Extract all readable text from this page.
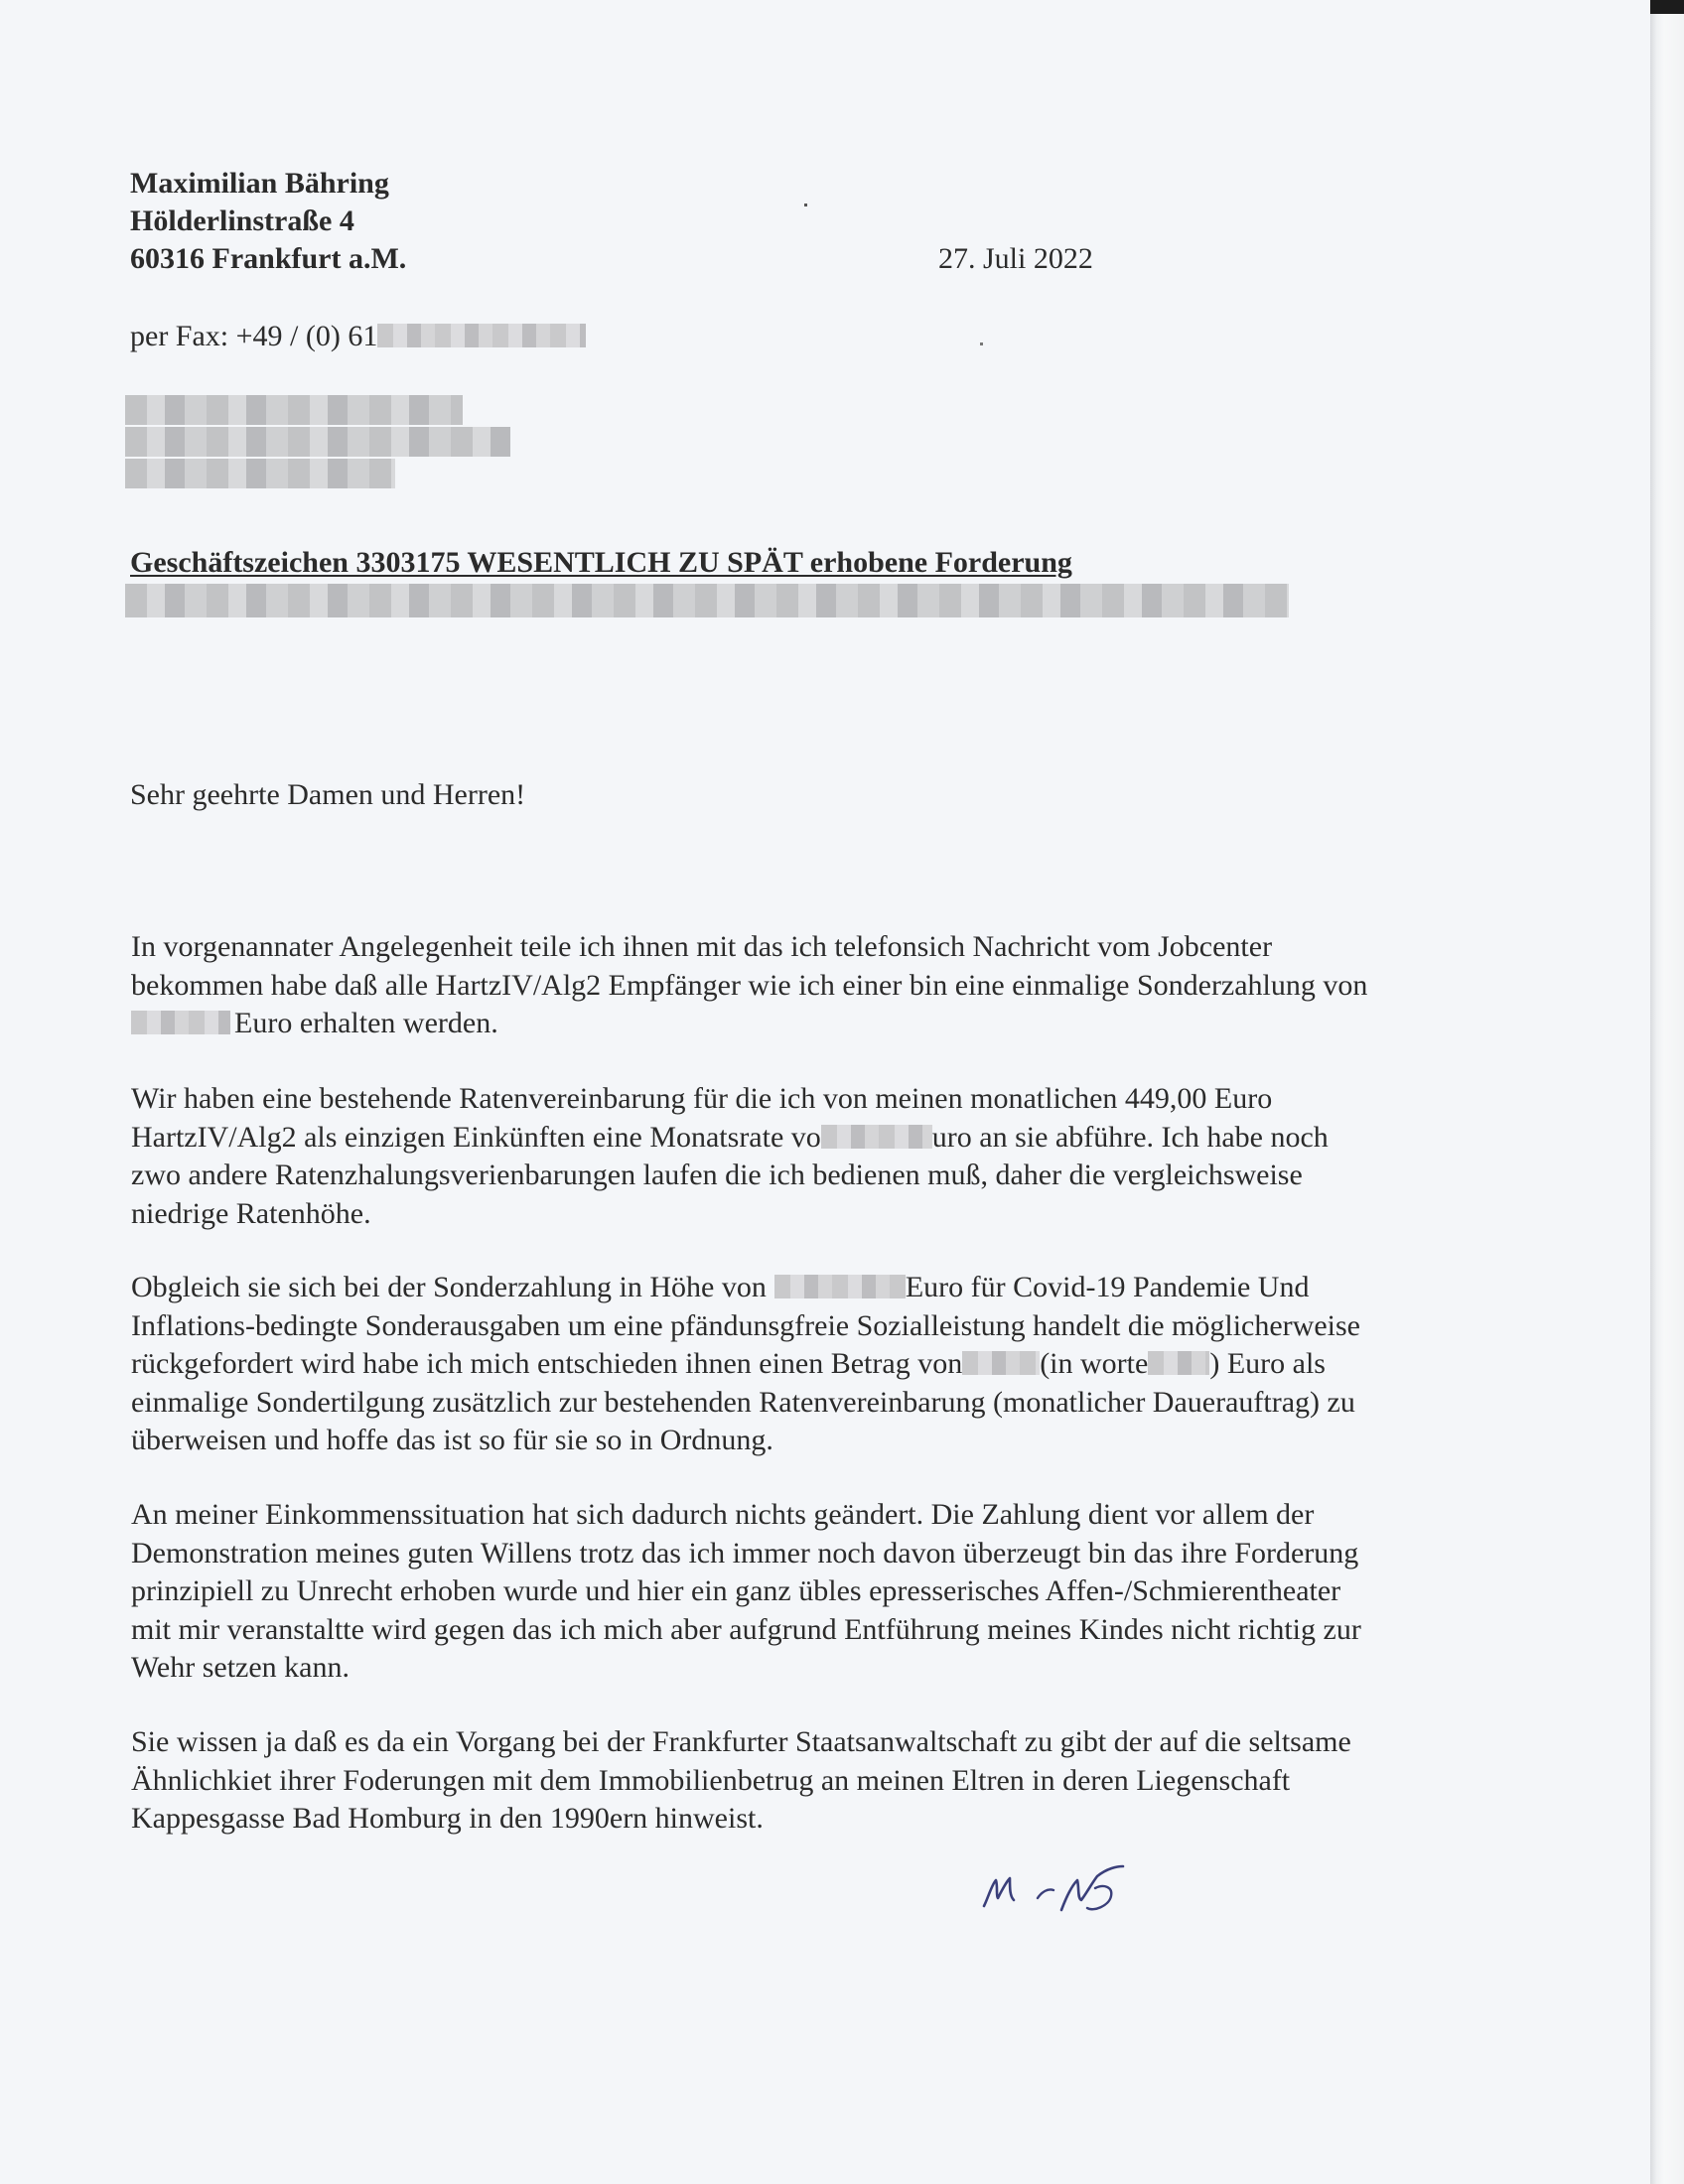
Maximilian Bähring
Hölderlinstraße 4
60316 Frankfurt a.M.	27. Juli 2022
per Fax: +49 / (0) 61
Geschäftszeichen 3303175 WESENTLICH ZU SPÄT erhobene Forderung
Sehr geehrte Damen und Herren!
In vorgenannater Angelegenheit teile ich ihnen mit das ich telefonsich Nachricht vom Jobcenter
bekommen habe daß alle HartzIV/Alg2 Empfänger wie ich einer bin eine einmalige Sonderzahlung von
Euro erhalten werden.
Wir haben eine bestehende Ratenvereinbarung für die ich von meinen monatlichen 449,00 Euro
HartzIV/Alg2 als einzigen Einkünften eine Monatsrate vo	uro an sie abführe. Ich habe noch
zwo andere Ratenzhalungsverienbarungen laufen die ich bedienen muß, daher die vergleichsweise
niedrige Ratenhöhe.
Obgleich sie sich bei der Sonderzahlung in Höhe von	Euro für Covid-19 Pandemie Und
Inflations-bedingte Sonderausgaben um eine pfändunsgfreie Sozialleistung handelt die möglicherweise
rückgefordert wird habe ich mich entschieden ihnen einen Betrag von	(in worte ) Euro als
einmalige Sondertilgung zusätzlich zur bestehenden Ratenvereinbarung (monatlicher Dauerauftrag) zu
überweisen und hoffe das ist so für sie so in Ordnung.
An meiner Einkommenssituation hat sich dadurch nichts geändert. Die Zahlung dient vor allem der
Demonstration meines guten Willens trotz das ich immer noch davon überzeugt bin das ihre Forderung
prinzipiell zu Unrecht erhoben wurde und hier ein ganz übles epresserisches Affen-/Schmierentheater
mit mir veranstaltte wird gegen das ich mich aber aufgrund Entführung meines Kindes nicht richtig zur
Wehr setzen kann.
Sie wissen ja daß es da ein Vorgang bei der Frankfurter Staatsanwaltschaft zu gibt der auf die seltsame
Ähnlichkiet ihrer Foderungen mit dem Immobilienbetrug an meinen Eltren in deren Liegenschaft
Kappesgasse Bad Homburg in den 1990ern hinweist.
